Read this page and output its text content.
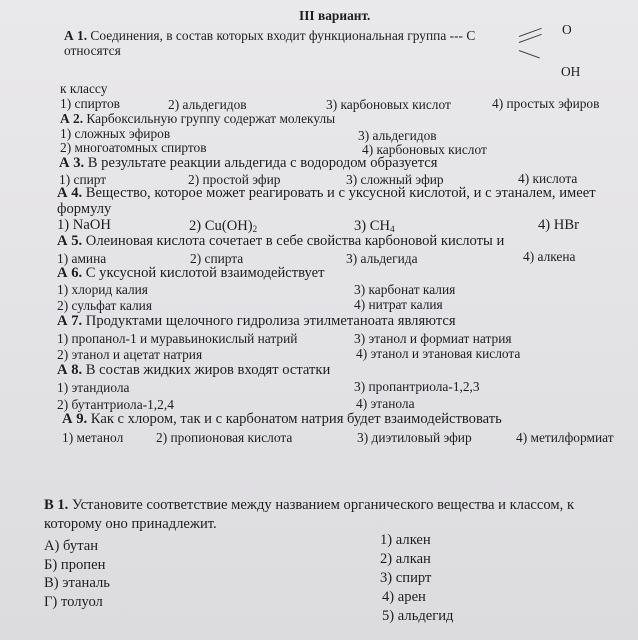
III вариант.
А 1. Соединения, в состав которых входит функциональная группа --- С
относятся
O
OH
к классу
1) спиртов	2) альдегидов	3) карбоновых кислот	4) простых эфиров
А 2. Карбоксильную группу содержат молекулы
1) сложных эфиров	3) альдегидов
2) многоатомных спиртов	4) карбоновых кислот
А 3. В результате реакции альдегида с водородом образуется
1) спирт	2) простой эфир	3) сложный эфир	4) кислота
А 4. Вещество, которое может реагировать и с уксусной кислотой, и с этаналем, имеет
формулу
1) NaOH	2) $Cu(OH)_2$	3) $CH_4$	4) HBr
А 5. Олеиновая кислота сочетает в себе свойства карбоновой кислоты и
1) амина	2) спирта	3) альдегида	4) алкена
А 6. С уксусной кислотой взаимодействует
1) хлорид калия	3) карбонат калия
2) сульфат калия	4) нитрат калия
А 7. Продуктами щелочного гидролиза этилметаноата являются
1) пропанол-1 и муравьинокислый натрий	3) этанол и формиат натрия
2) этанол и ацетат натрия	4) этанол и этановая кислота
А 8. В состав жидких жиров входят остатки
1) этандиола	3) пропантриола-1,2,3
2) бутантриола-1,2,4	4) этанола
А 9. Как с хлором, так и с карбонатом натрия будет взаимодействовать
1) метанол 2) пропионовая кислота	3) диэтиловый эфир	4) метилформиат
В 1. Установите соответствие между названием органического вещества и классом, к
которому оно принадлежит.
А) бутан
Б) пропен
В) этаналь
Г) толуол
1) алкен
2) алкан
3) спирт
4) арен
5) альдегид
